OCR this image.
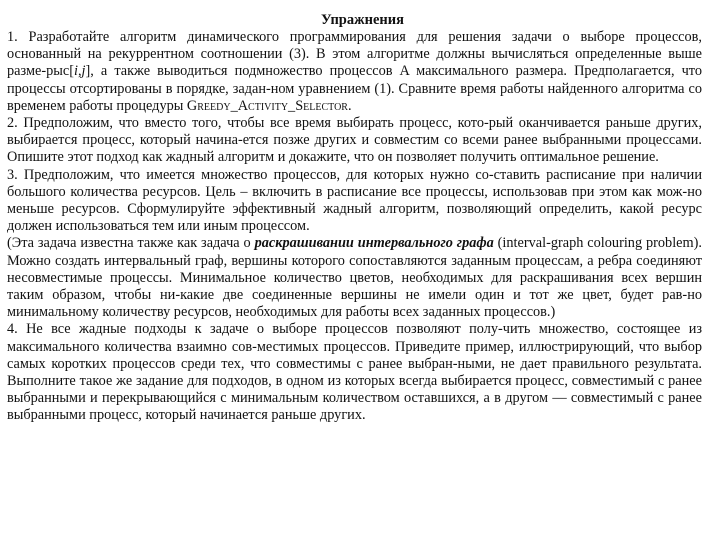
Упражнения

1. Разработайте алгоритм динамического программирования для решения задачи о выборе процессов, основанный на рекуррентном соотношении (3). В этом алгоритме должны вычисляться определенные выше разме-рыс[i,j], а также выводиться подмножество процессов A максимального размера. Предполагается, что процессы отсортированы в порядке, задан-ном уравнением (1). Сравните время работы найденного алгоритма со временем работы процедуры Greedy_Activity_Selector.

2. Предположим, что вместо того, чтобы все время выбирать процесс, кото-рый оканчивается раньше других, выбирается процесс, который начина-ется позже других и совместим со всеми ранее выбранными процессами. Опишите этот подход как жадный алгоритм и докажите, что он позволяет получить оптимальное решение.

3. Предположим, что имеется множество процессов, для которых нужно со-ставить расписание при наличии большого количества ресурсов. Цель – включить в расписание все процессы, использовав при этом как мож-но меньше ресурсов. Сформулируйте эффективный жадный алгоритм, позволяющий определить, какой ресурс должен использоваться тем или иным процессом.

(Эта задача известна также как задача о раскрашивании интервального графа (interval-graph colouring problem). Можно создать интервальный граф, вершины которого сопоставляются заданным процессам, а ребра соединяют несовместимые процессы. Минимальное количество цветов, необходимых для раскрашивания всех вершин таким образом, чтобы ни-какие две соединенные вершины не имели один и тот же цвет, будет рав-но минимальному количеству ресурсов, необходимых для работы всех заданных процессов.)

4. Не все жадные подходы к задаче о выборе процессов позволяют полу-чить множество, состоящее из максимального количества взаимно сов-местимых процессов. Приведите пример, иллюстрирующий, что выбор самых коротких процессов среди тех, что совместимы с ранее выбран-ными, не дает правильного результата. Выполните такое же задание для подходов, в одном из которых всегда выбирается процесс, совместимый с ранее выбранными и перекрывающийся с минимальным количеством оставшихся, а в другом — совместимый с ранее выбранными процесс, который начинается раньше других.
